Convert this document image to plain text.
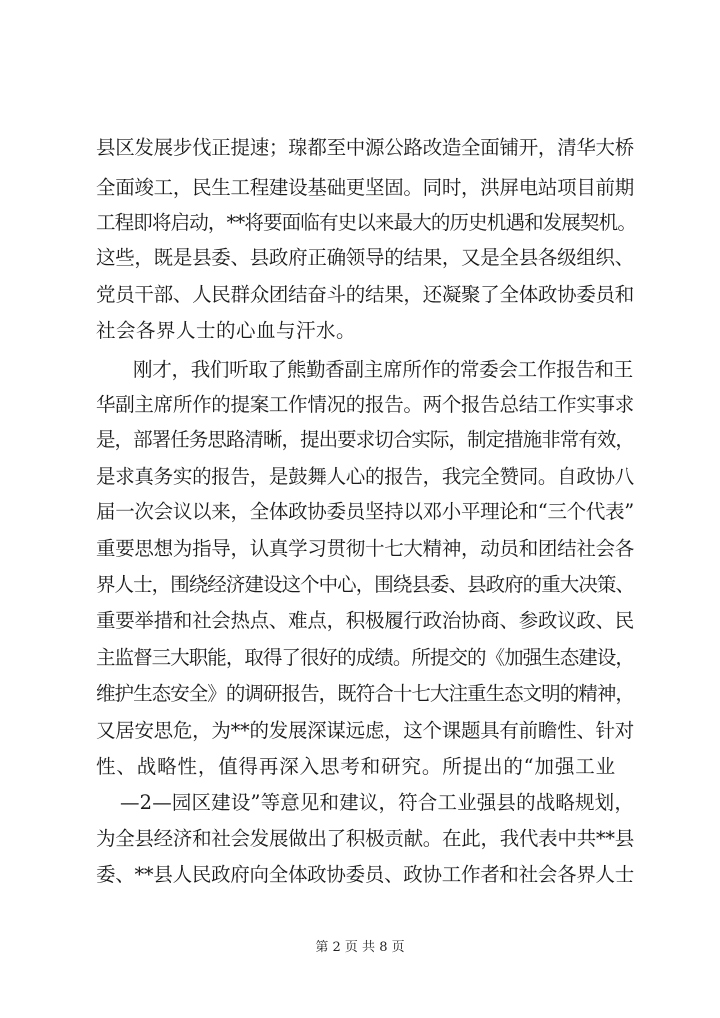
县区发展步伐正提速；瑔都至中源公路改造全面铺开，清华大桥
全面竣工，民生工程建设基础更坚固。同时，洪屏电站项目前期
工程即将启动，**将要面临有史以来最大的历史机遇和发展契机。
这些，既是县委、县政府正确领导的结果，又是全县各级组织、
党员干部、人民群众团结奋斗的结果，还凝聚了全体政协委员和
社会各界人士的心血与汗水。
刚才，我们听取了熊勤香副主席所作的常委会工作报告和王
华副主席所作的提案工作情况的报告。两个报告总结工作实事求
是，部署任务思路清晰，提出要求切合实际，制定措施非常有效，
是求真务实的报告，是鼓舞人心的报告，我完全赞同。自政协八
届一次会议以来，全体政协委员坚持以邓小平理论和“三个代表”
重要思想为指导，认真学习贯彻十七大精神，动员和团结社会各
界人士，围绕经济建设这个中心，围绕县委、县政府的重大决策、
重要举措和社会热点、难点，积极履行政治协商、参政议政、民
主监督三大职能，取得了很好的成绩。所提交的《加强生态建设，
维护生态安全》的调研报告，既符合十七大注重生态文明的精神，
又居安思危，为**的发展深谋远虑，这个课题具有前瞻性、针对
性、战略性，值得再深入思考和研究。所提出的“加强工业
—2—园区建设”等意见和建议，符合工业强县的战略规划，
为全县经济和社会发展做出了积极贡献。在此，我代表中共**县
委、**县人民政府向全体政协委员、政协工作者和社会各界人士
第 2 页 共 8 页
